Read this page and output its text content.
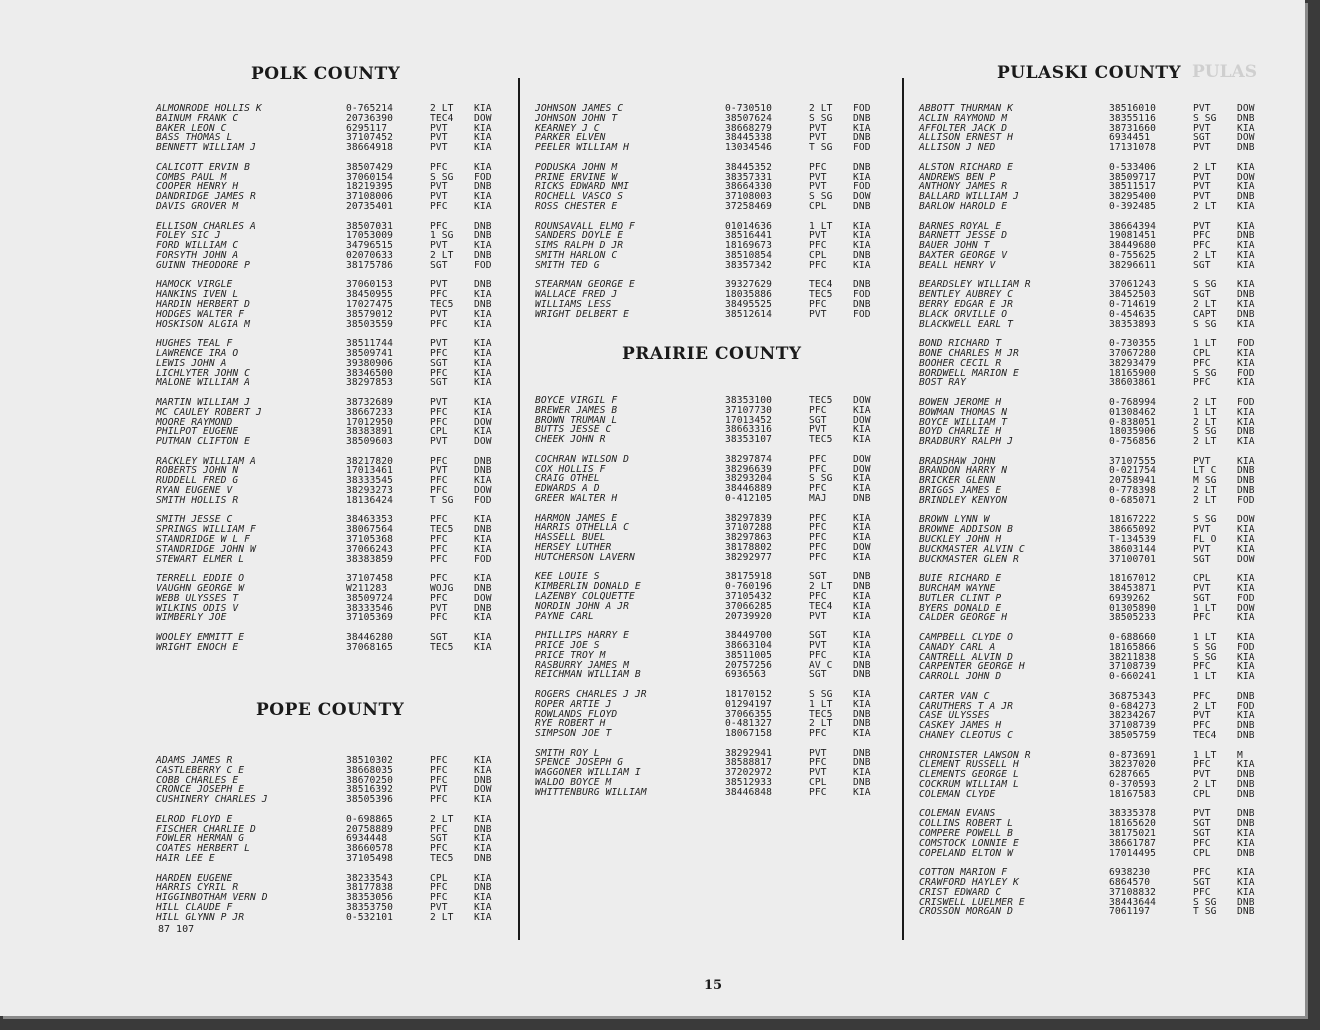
PULAS
POLK COUNTY
POPE COUNTY
PRAIRIE COUNTY
PULASKI COUNTY
ALMONRODE HOLLIS K	0-765214	2 LT KIA
BAINUM FRANK C	20736390	TEC4 DOW
BAKER LEON C	6295117	PVT	KIA
BASS THOMAS L	37107452	PVT	KIA
BENNETT WILLIAM J	38664918	PVT	KIA
CALICOTT ERVIN B	38507429	PFC	KIA
COMBS PAUL M	37060154	S SG FOD
COOPER HENRY H	18219395	PVT	DNB
DANDRIDGE JAMES R	37108006	PVT	KIA
DAVIS GROVER M	20735401	PFC	KIA
ELLISON CHARLES A	38507031	PFC	DNB
FOLEY SIC J	17053009	1 SG DNB
FORD WILLIAM C	34796515	PVT	KIA
FORSYTH JOHN A	02070633	2 LT DNB
GUINN THEODORE P	38175786	SGT	FOD
HAMOCK VIRGLE	37060153	PVT	DNB
HANKINS IVEN L	38450955	PFC	KIA
HARDIN HERBERT D	17027475	TEC5 DNB
HODGES WALTER F	38579012	PVT	KIA
HOSKISON ALGIA M	38503559	PFC	KIA
HUGHES TEAL F	38511744	PVT	KIA
LAWRENCE IRA O	38509741	PFC	KIA
LEWIS JOHN A	39380906	SGT	KIA
LICHLYTER JOHN C	38346500	PFC	KIA
MALONE WILLIAM A	38297853	SGT	KIA
MARTIN WILLIAM J	38732689	PVT	KIA
MC CAULEY ROBERT J	38667233	PFC	KIA
MOORE RAYMOND	17012950	PFC	DOW
PHILPOT EUGENE	38383891	CPL	KIA
PUTMAN CLIFTON E	38509603	PVT	DOW
RACKLEY WILLIAM A	38217820	PFC	DNB
ROBERTS JOHN N	17013461	PVT	DNB
RUDDELL FRED G	38333545	PFC	KIA
RYAN EUGENE V	38293273	PFC	DOW
SMITH HOLLIS R	18136424	T SG FOD
SMITH JESSE C	38463353	PFC	KIA
SPRINGS WILLIAM F	38067564	TEC5 DNB
STANDRIDGE W L F	37105368	PFC	KIA
STANDRIDGE JOHN W	37066243	PFC	KIA
STEWART ELMER L	38383859	PFC	FOD
TERRELL EDDIE O	37107458	PFC	KIA
VAUGHN GEORGE W	W211283	WOJG DNB
WEBB ULYSSES T	38509724	PFC	DOW
WILKINS ODIS V	38333546	PVT	DNB
WIMBERLY JOE	37105369	PFC	KIA
WOOLEY EMMITT E	38446280	SGT	KIA
WRIGHT ENOCH E	37068165	TEC5 KIA
ADAMS JAMES R	38510302	PFC	KIA
CASTLEBERRY C E	38668035	PFC	KIA
COBB CHARLES E	38670250	PFC	DNB
CRONCE JOSEPH E	38516392	PVT	DOW
CUSHINERY CHARLES J	38505396	PFC	KIA
ELROD FLOYD E	0-698865	2 LT KIA
FISCHER CHARLIE D	20758889	PFC	DNB
FOWLER HERMAN G	6934448	SGT	KIA
COATES HERBERT L	38660578	PFC	KIA
HAIR LEE E	37105498	TEC5 DNB
HARDEN EUGENE	38233543	CPL	KIA
HARRIS CYRIL R	38177838	PFC	DNB
HIGGINBOTHAM VERN D	38353056	PFC	KIA
HILL CLAUDE F	38353750	PVT	KIA
HILL GLYNN P JR	0-532101	2 LT KIA
JOHNSON JAMES C	0-730510	2 LT FOD
JOHNSON JOHN T	38507624	S SG DNB
KEARNEY J C	38668279	PVT	KIA
PARKER ELVEN	38445338	PVT	DNB
PEELER WILLIAM H	13034546	T SG FOD
PODUSKA JOHN M	38445352	PFC	DNB
PRINE ERVINE W	38357331	PVT	KIA
RICKS EDWARD NMI	38664330	PVT	FOD
ROCHELL VASCO S	37108003	S SG DOW
ROSS CHESTER E	37258469	CPL	DNB
ROUNSAVALL ELMO F	01014636	1 LT KIA
SANDERS DOYLE E	38516441	PVT	KIA
SIMS RALPH D JR	18169673	PFC	KIA
SMITH HARLON C	38510854	CPL	DNB
SMITH TED G	38357342	PFC	KIA
STEARMAN GEORGE E	39327629	TEC4 DNB
WALLACE FRED J	18035886	TEC5 FOD
WILLIAMS LESS	38495525	PFC	DNB
WRIGHT DELBERT E	38512614	PVT	FOD
BOYCE VIRGIL F	38353100	TEC5 DOW
BREWER JAMES B	37107730	PFC	KIA
BROWN TRUMAN L	17013452	SGT	DOW
BUTTS JESSE C	38663316	PVT	KIA
CHEEK JOHN R	38353107	TEC5 KIA
COCHRAN WILSON D	38297874	PFC	DOW
COX HOLLIS F	38296639	PFC	DOW
CRAIG OTHEL	38293204	S SG KIA
EDWARDS A D	38446889	PFC	KIA
GREER WALTER H	0-412105	MAJ	DNB
HARMON JAMES E	38297839	PFC	KIA
HARRIS OTHELLA C	37107288	PFC	KIA
HASSELL BUEL	38297863	PFC	KIA
HERSEY LUTHER	38178802	PFC	DOW
HUTCHERSON LAVERN	38292977	PFC	KIA
KEE LOUIE S	38175918	SGT	DNB
KIMBERLIN DONALD E	0-760196	2 LT DNB
LAZENBY COLQUETTE	37105432	PFC	KIA
NORDIN JOHN A JR	37066285	TEC4 KIA
PAYNE CARL	20739920	PVT	KIA
PHILLIPS HARRY E	38449700	SGT	KIA
PRICE JOE S	38663104	PVT	KIA
PRICE TROY M	38511005	PFC	KIA
RASBURRY JAMES M	20757256	AV C DNB
REICHMAN WILLIAM B	6936563	SGT	DNB
ROGERS CHARLES J JR	18170152	S SG KIA
ROPER ARTIE J	01294197	1 LT KIA
ROWLANDS FLOYD	37066355	TEC5 DNB
RYE ROBERT H	0-481327	2 LT DNB
SIMPSON JOE T	18067158	PFC	KIA
SMITH ROY L	38292941	PVT	DNB
SPENCE JOSEPH G	38588817	PFC	DNB
WAGGONER WILLIAM I	37202972	PVT	KIA
WALDO BOYCE M	38512933	CPL	DNB
WHITTENBURG WILLIAM	38446848	PFC	KIA
ABBOTT THURMAN K	38516010	PVT	DOW
ACLIN RAYMOND M	38355116	S SG DNB
AFFOLTER JACK D	38731660	PVT	KIA
ALLISON ERNEST H	6934451	SGT	DOW
ALLISON J NED	17131078	PVT	DNB
ALSTON RICHARD E	0-533406	2 LT KIA
ANDREWS BEN P	38509717	PVT	DOW
ANTHONY JAMES R	38511517	PVT	KIA
BALLARD WILLIAM J	38295400	PVT	DNB
BARLOW HAROLD E	0-392485	2 LT KIA
BARNES ROYAL E	38664394	PVT	KIA
BARNETT JESSE D	19081451	PFC	DNB
BAUER JOHN T	38449680	PFC	KIA
BAXTER GEORGE V	0-755625	2 LT KIA
BEALL HENRY V	38296611	SGT	KIA
BEARDSLEY WILLIAM R	37061243	S SG KIA
BENTLEY AUBREY C	38452503	SGT	DNB
BERRY EDGAR E JR	0-714619	2 LT KIA
BLACK ORVILLE O	0-454635	CAPT DNB
BLACKWELL EARL T	38353893	S SG KIA
BOND RICHARD T	0-730355	1 LT FOD
BONE CHARLES M JR	37067280	CPL	KIA
BOOHER CECIL R	38293479	PFC	KIA
BORDWELL MARION E	18165900	S SG FOD
BOST RAY	38603861	PFC	KIA
BOWEN JEROME H	0-768994	2 LT FOD
BOWMAN THOMAS N	01308462	1 LT KIA
BOYCE WILLIAM T	0-838051	2 LT KIA
BOYD CHARLIE H	18035906	S SG DNB
BRADBURY RALPH J	0-756856	2 LT KIA
BRADSHAW JOHN	37107555	PVT	KIA
BRANDON HARRY N	0-021754	LT C DNB
BRICKER GLENN	20758941	M SG DNB
BRIGGS JAMES E	0-778398	2 LT DNB
BRINDLEY KENYON	0-685071	2 LT FOD
BROWN LYNN W	18167222	S SG DOW
BROWNE ADDISON B	38665092	PVT	KIA
BUCKLEY JOHN H	T-134539	FL O KIA
BUCKMASTER ALVIN C	38603144	PVT	KIA
BUCKMASTER GLEN R	37100701	SGT	DOW
BUIE RICHARD E	18167012	CPL	KIA
BURCHAM WAYNE	38453871	PVT	KIA
BUTLER CLINT P	6939262	SGT	FOD
BYERS DONALD E	01305890	1 LT DOW
CALDER GEORGE H	38505233	PFC	KIA
CAMPBELL CLYDE O	0-688660	1 LT KIA
CANADY CARL A	18165866	S SG FOD
CANTRELL ALVIN D	38211838	S SG KIA
CARPENTER GEORGE H	37108739	PFC	KIA
CARROLL JOHN D	0-660241	1 LT KIA
CARTER VAN C	36875343	PFC	DNB
CARUTHERS T A JR	0-684273	2 LT FOD
CASE ULYSSES	38234267	PVT	KIA
CASKEY JAMES H	37108739	PFC	DNB
CHANEY CLEOTUS C	38505759	TEC4 DNB
CHRONISTER LAWSON R	0-873691	1 LT M
CLEMENT RUSSELL H	38237020	PFC	KIA
CLEMENTS GEORGE L	6287665	PVT	DNB
COCKRUM WILLIAM L	0-370593	2 LT DNB
COLEMAN CLYDE	18167583	CPL	DNB
COLEMAN EVANS	38335378	PVT	DNB
COLLINS ROBERT L	18165620	SGT	DNB
COMPERE POWELL B	38175021	SGT	KIA
COMSTOCK LONNIE E	38661787	PFC	KIA
COPELAND ELTON W	17014495	CPL	DNB
COTTON MARION F	6938230	PFC	KIA
CRAWFORD HAYLEY K	6864570	SGT	KIA
CRIST EDWARD C	37108832	PFC	KIA
CRISWELL LUELMER E	38443644	S SG DNB
CROSSON MORGAN D	7061197	T SG DNB
87 107
15
